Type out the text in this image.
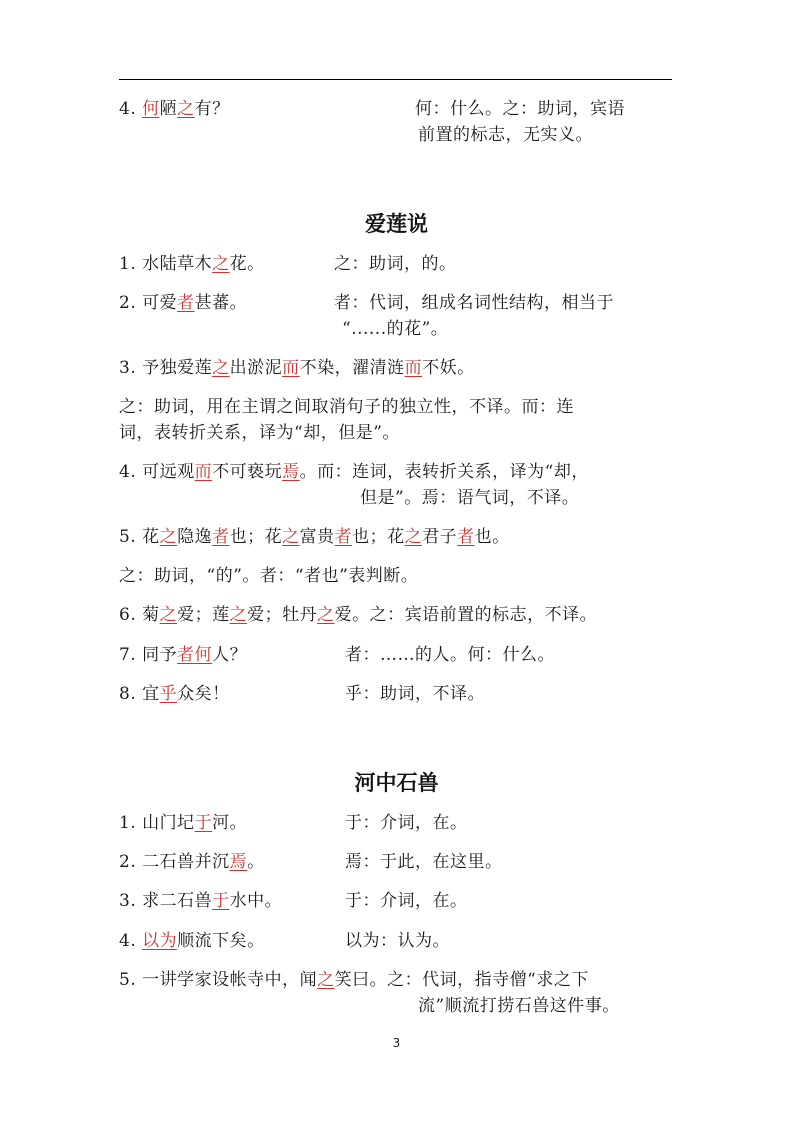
4. 何陋之有？	何：什么。之：助词，宾语
前置的标志，无实义。
爱莲说
1. 水陆草木之花。	之：助词，的。
2. 可爱者甚蕃。	者：代词，组成名词性结构，相当于
“......的花”。
3. 予独爱莲之出淤泥而不染，濯清涟而不妖。
之：助词，用在主谓之间取消句子的独立性，不译。而：连
词，表转折关系，译为“却，但是”。
4. 可远观而不可亵玩焉。而：连词，表转折关系，译为“却，
但是”。焉：语气词，不译。
5. 花之隐逸者也；花之富贵者也；花之君子者也。
之：助词，“的”。者：“者也”表判断。
6. 菊之爱；莲之爱；牡丹之爱。之：宾语前置的标志，不译。
7. 同予者何人？	者：……的人。何：什么。
8. 宜乎众矣！	乎：助词，不译。
河中石兽
1. 山门圮于河。	于：介词，在。
2. 二石兽并沉焉。	焉：于此，在这里。
3. 求二石兽于水中。	于：介词，在。
4. 以为顺流下矣。	以为：认为。
5. 一讲学家设帐寺中，闻之笑曰。之：代词，指寺僧“求之下
流”顺流打捞石兽这件事。
3
